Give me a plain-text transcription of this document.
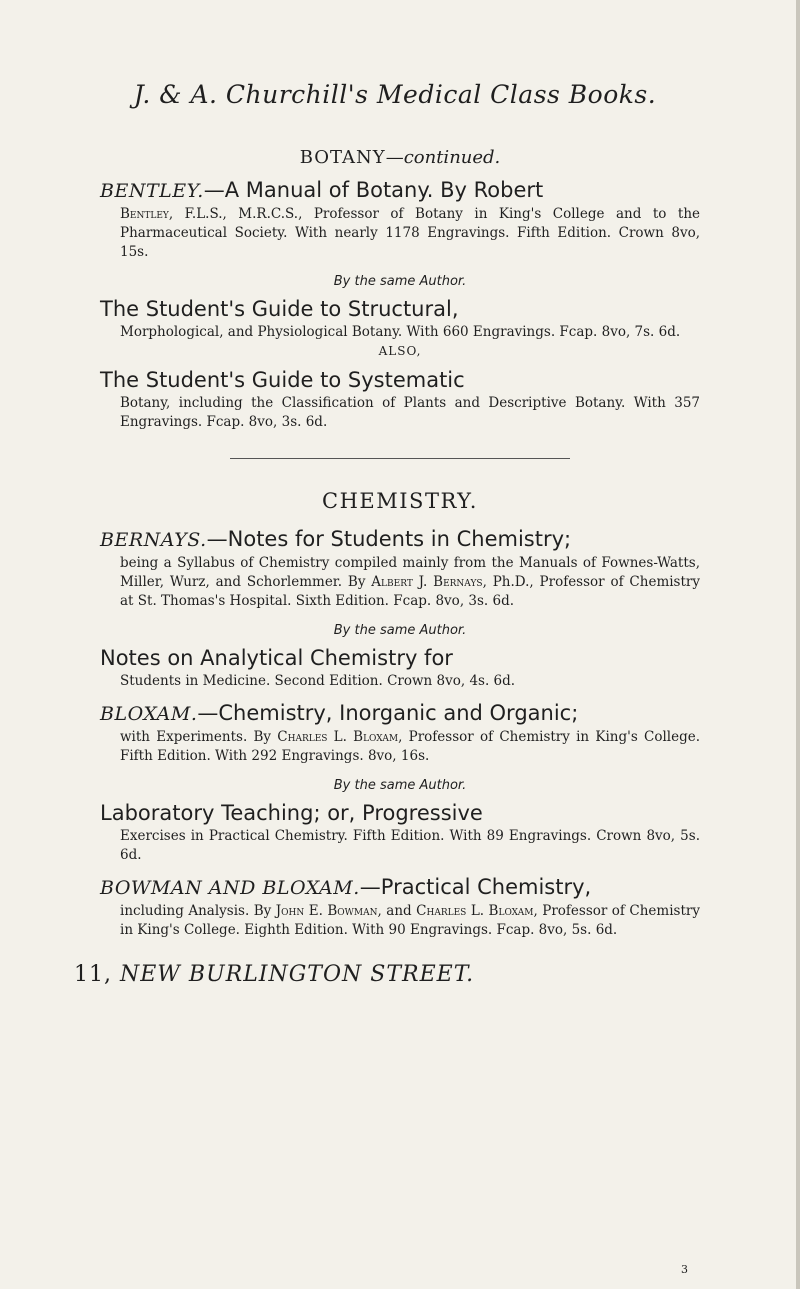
J. & A. Churchill's Medical Class Books.
BOTANY—continued.

BENTLEY.—A Manual of Botany. By Robert

Bentley, F.L.S., M.R.C.S., Professor of Botany in King's College and to the Pharmaceutical Society. With nearly 1178 Engravings. Fifth Edition. Crown 8vo, 15s.

By the same Author.

The Student's Guide to Structural,

Morphological, and Physiological Botany. With 660 Engravings. Fcap. 8vo, 7s. 6d.

ALSO,

The Student's Guide to Systematic

Botany, including the Classification of Plants and Descriptive Botany. With 357 Engravings. Fcap. 8vo, 3s. 6d.

CHEMISTRY.

BERNAYS.—Notes for Students in Chemistry;

being a Syllabus of Chemistry compiled mainly from the Manuals of Fownes-Watts, Miller, Wurz, and Schorlemmer. By Albert J. Bernays, Ph.D., Professor of Chemistry at St. Thomas's Hospital. Sixth Edition. Fcap. 8vo, 3s. 6d.

By the same Author.

Notes on Analytical Chemistry for

Students in Medicine. Second Edition. Crown 8vo, 4s. 6d.

BLOXAM.—Chemistry, Inorganic and Organic;

with Experiments. By Charles L. Bloxam, Professor of Chemistry in King's College. Fifth Edition. With 292 Engravings. 8vo, 16s.

By the same Author.

Laboratory Teaching; or, Progressive

Exercises in Practical Chemistry. Fifth Edition. With 89 Engravings. Crown 8vo, 5s. 6d.

BOWMAN AND BLOXAM.—Practical Chemistry,

including Analysis. By John E. Bowman, and Charles L. Bloxam, Professor of Chemistry in King's College. Eighth Edition. With 90 Engravings. Fcap. 8vo, 5s. 6d.

11, NEW BURLINGTON STREET.
3
